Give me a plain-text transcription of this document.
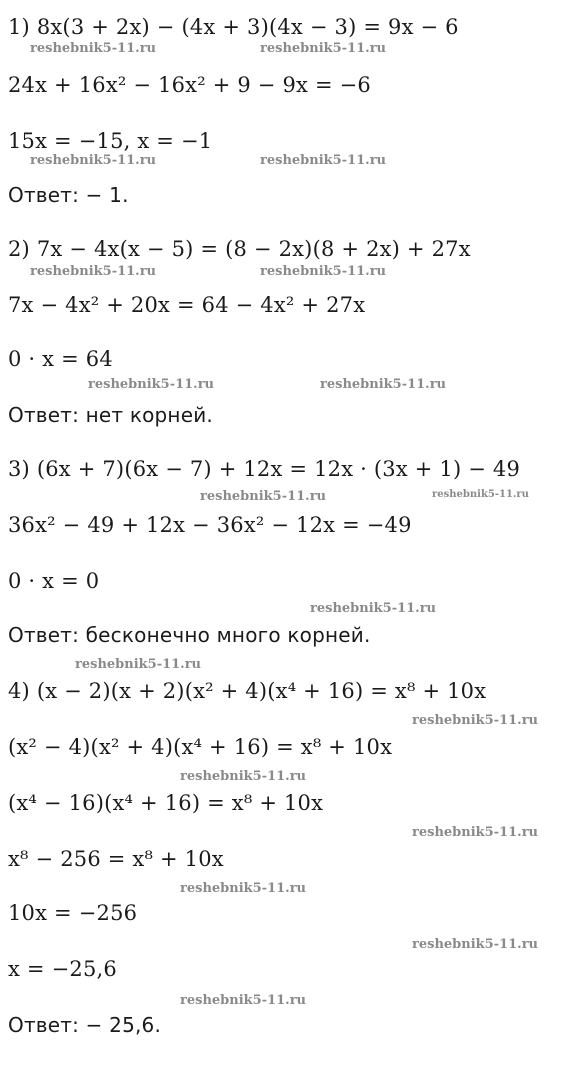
1) 8x(3 + 2x) − (4x + 3)(4x − 3) = 9x − 6
24x + 16x² − 16x² + 9 − 9x = −6
15x = −15, x = −1
Ответ: − 1.
2) 7x − 4x(x − 5) = (8 − 2x)(8 + 2x) + 27x
7x − 4x² + 20x = 64 − 4x² + 27x
0 · x = 64
Ответ: нет корней.
3) (6x + 7)(6x − 7) + 12x = 12x · (3x + 1) − 49
36x² − 49 + 12x − 36x² − 12x = −49
0 · x = 0
Ответ: бесконечно много корней.
4) (x − 2)(x + 2)(x² + 4)(x⁴ + 16) = x⁸ + 10x
(x² − 4)(x² + 4)(x⁴ + 16) = x⁸ + 10x
(x⁴ − 16)(x⁴ + 16) = x⁸ + 10x
x⁸ − 256 = x⁸ + 10x
10x = −256
x = −25,6
Ответ: − 25,6.
reshebnik5-11.ru	reshebnik5-11.ru
reshebnik5-11.ru	reshebnik5-11.ru
reshebnik5-11.ru	reshebnik5-11.ru
reshebnik5-11.ru	reshebnik5-11.ru
reshebnik5-11.ru	reshebnik5-11.ru
reshebnik5-11.ru
reshebnik5-11.ru
reshebnik5-11.ru
reshebnik5-11.ru
reshebnik5-11.ru
reshebnik5-11.ru
reshebnik5-11.ru
reshebnik5-11.ru
